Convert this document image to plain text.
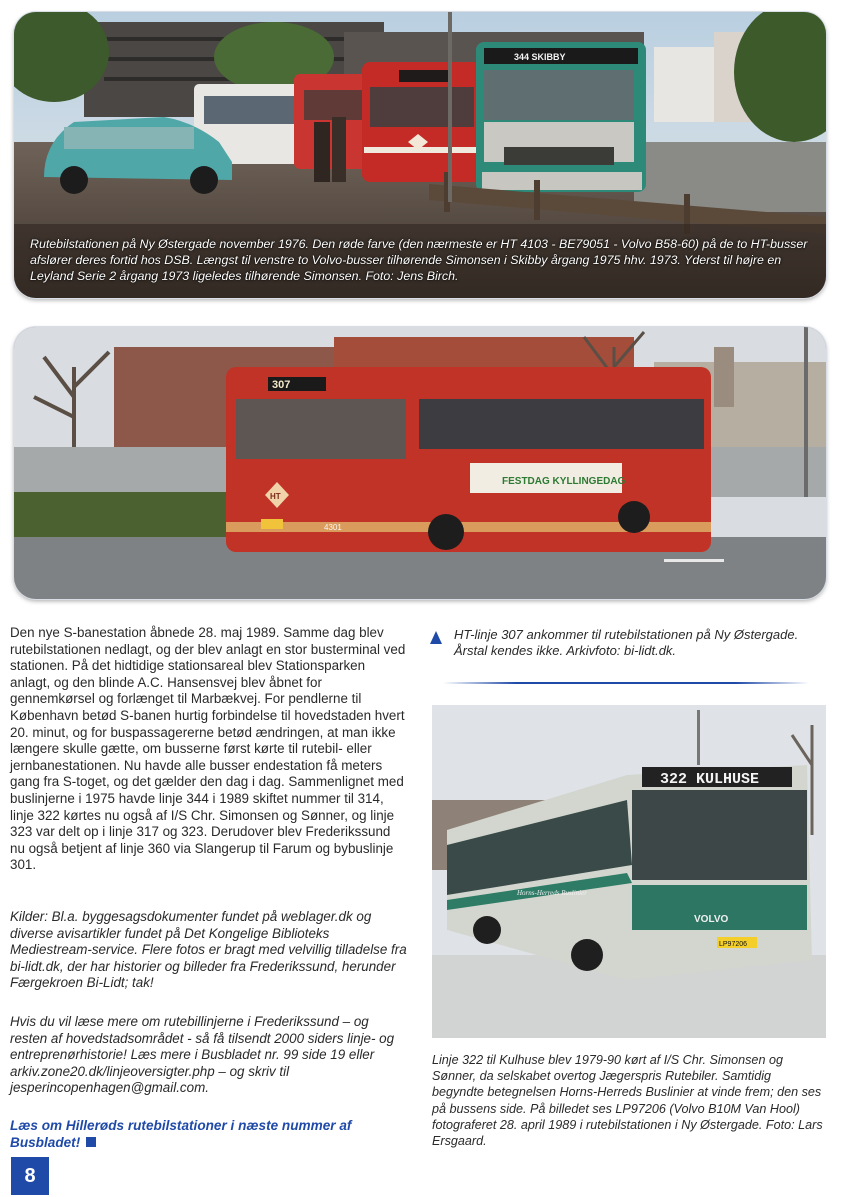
344 SKIBBY
Rutebilstationen på Ny Østergade november 1976. Den røde farve (den nærmeste er HT 4103 - BE79051 - Volvo B58-60) på de to HT-busser afslører deres fortid hos DSB. Længst til venstre to Volvo-busser tilhørende Simonsen i Skibby årgang 1975 hhv. 1973. Yderst til højre en Leyland Serie 2 årgang 1973 ligeledes tilhørende Simonsen. Foto: Jens Birch.
307
FESTDAG KYLLINGEDAG
HT
4301
Den nye S-banestation åbnede 28. maj 1989. Samme dag blev rutebilstationen nedlagt, og der blev anlagt en stor busterminal ved stationen. På det hidtidige stationsareal blev Stationsparken anlagt, og den blinde A.C. Hansensvej blev åbnet for gennemkørsel og forlænget til Marbækvej. For pendlerne til København betød S-banen hurtig forbindelse til hovedstaden hvert 20. minut, og for buspassagererne betød ændringen, at man ikke længere skulle gætte, om busserne først kørte til rutebil- eller jernbanestationen. Nu havde alle busser endestation få meters gang fra S-toget, og det gælder den dag i dag. Sammenlignet med buslinjerne i 1975 havde linje 344 i 1989 skiftet nummer til 314, linje 322 kørtes nu også af I/S Chr. Simonsen og Sønner, og linje 323 var delt op i linje 317 og 323. Derudover blev Frederikssund nu også betjent af linje 360 via Slangerup til Farum og bybuslinje 301.
Kilder: Bl.a. byggesagsdokumenter fundet på weblager.dk og diverse avisartikler fundet på Det Kongelige Biblioteks Mediestream-service. Flere fotos er bragt med velvillig tilladelse fra bi-lidt.dk, der har historier og billeder fra Frederikssund, herunder Færgekroen Bi-Lidt; tak!
Hvis du vil læse mere om rutebillinjerne i Frederikssund – og resten af hovedstadsområdet - så få tilsendt 2000 siders linje- og entreprenørhistorie! Læs mere i Busbladet nr. 99 side 19 eller arkiv.zone20.dk/linjeoversigter.php – og skriv til jesperincopenhagen@gmail.com.
Læs om Hillerøds rutebilstationer i næste nummer af Busbladet!
HT-linje 307 ankommer til rutebilstationen på Ny Østergade. Årstal kendes ikke. Arkivfoto: bi-lidt.dk.
322 KULHUSE
Horns-Herreds Buslinier
VOLVO
LP97206
Linje 322 til Kulhuse blev 1979-90 kørt af I/S Chr. Simonsen og Sønner, da selskabet overtog Jægerspris Rutebiler. Samtidig begyndte betegnelsen Horns-Herreds Buslinier at vinde frem; den ses på bussens side. På billedet ses LP97206 (Volvo B10M Van Hool) fotograferet 28. april 1989 i rutebilstationen i Ny Østergade. Foto: Lars Ersgaard.
8
